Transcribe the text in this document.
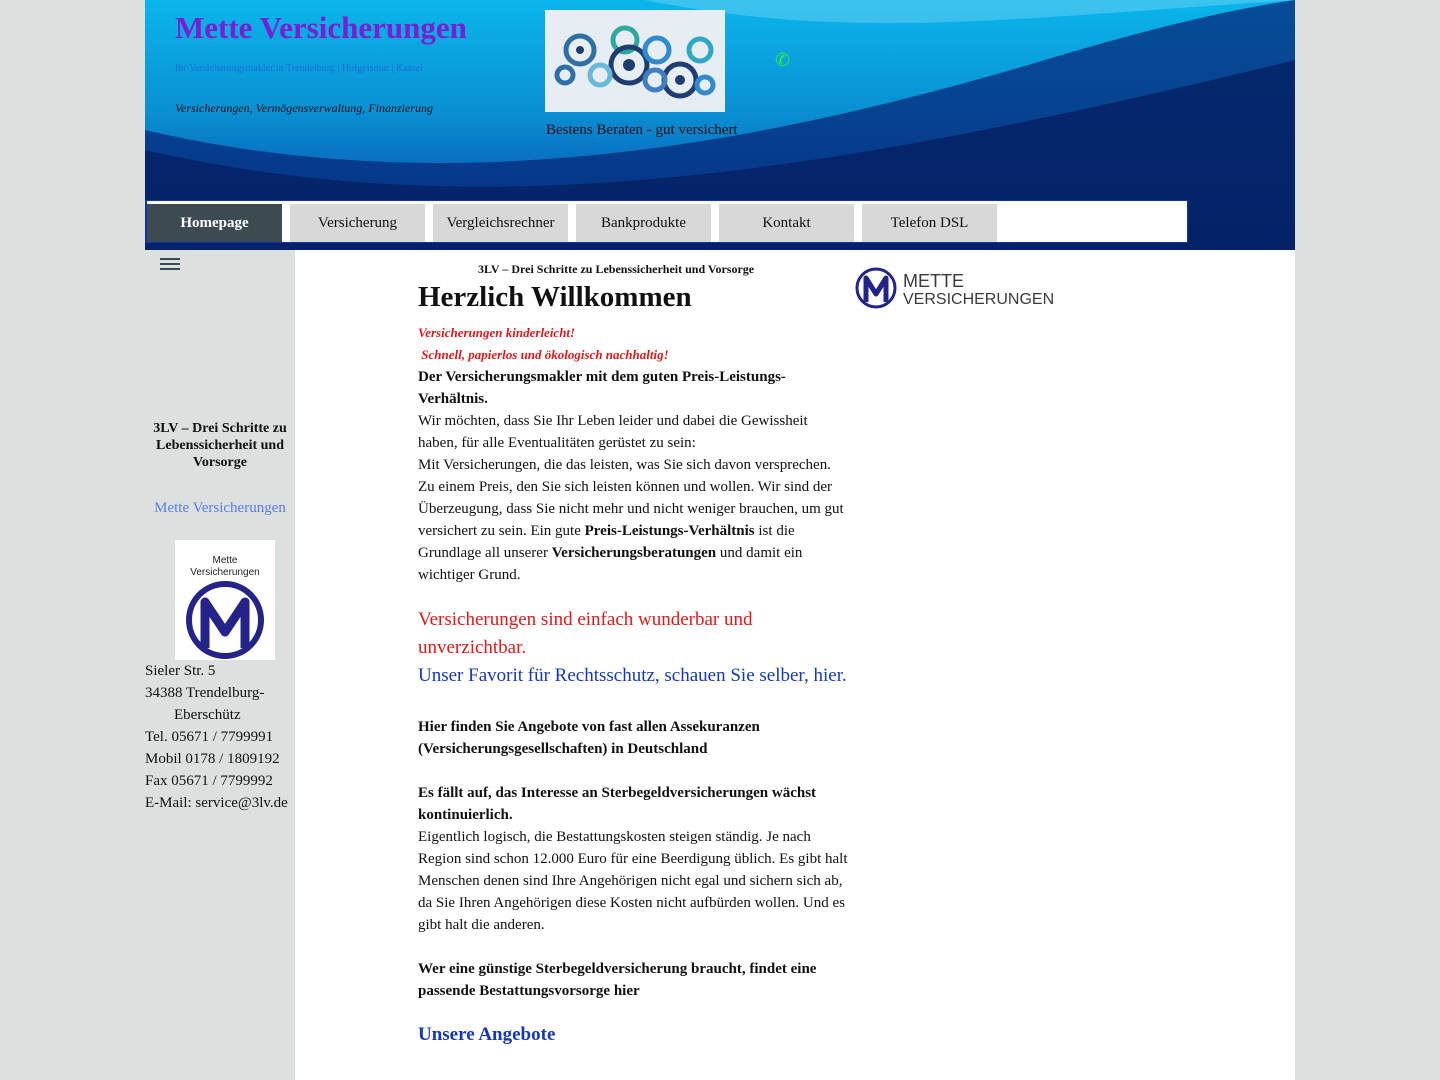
Mette Versicherungen
Ihr Versicherungsmakler in Trendelburg | Hofgeismar | Kassel
Versicherungen, Vermögensverwaltung, Finanzierung
Bestens Beraten - gut versichert
✆
Homepage	Versicherung	Vergleichsrechner	Bankprodukte	Kontakt	Telefon DSL
3LV – Drei Schritte zu Lebenssicherheit und Vorsorge
Mette Versicherungen
Mette
Versicherungen
Sieler Str. 5
34388 Trendelburg-
Eberschütz
Tel. 05671 / 7799991
Mobil 0178 / 1809192
Fax 05671 / 7799992
E-Mail: service@3lv.de

3LV – Drei Schritte zu Lebenssicherheit und Vorsorge

Herzlich Willkommen
Versicherungen kinderleicht!
Schnell, papierlos und ökologisch nachhaltig!
Der Versicherungsmakler mit dem guten Preis-Leistungs-Verhältnis.
Wir möchten, dass Sie Ihr Leben leider und dabei die Gewissheit haben, für alle Eventualitäten gerüstet zu sein:
Mit Versicherungen, die das leisten, was Sie sich davon versprechen. Zu einem Preis, den Sie sich leisten können und wollen. Wir sind der Überzeugung, dass Sie nicht mehr und nicht weniger brauchen, um gut versichert zu sein. Ein gute Preis-Leistungs-Verhältnis ist die Grundlage all unserer Versicherungsberatungen und damit ein wichtiger Grund.
Versicherungen sind einfach wunderbar und unverzichtbar.
Unser Favorit für Rechtsschutz, schauen Sie selber, hier.
Hier finden Sie Angebote von fast allen Assekuranzen (Versicherungsgesellschaften) in Deutschland
Es fällt auf, das Interesse an Sterbegeldversicherungen wächst kontinuierlich.
Eigentlich logisch, die Bestattungskosten steigen ständig. Je nach Region sind schon 12.000 Euro für eine Beerdigung üblich. Es gibt halt Menschen denen sind Ihre Angehörigen nicht egal und sichern sich ab, da Sie Ihren Angehörigen diese Kosten nicht aufbürden wollen. Und es gibt halt die anderen.
Wer eine günstige Sterbegeldversicherung braucht, findet eine passende Bestattungsvorsorge hier
Unsere Angebote
METTE
VERSICHERUNGEN
